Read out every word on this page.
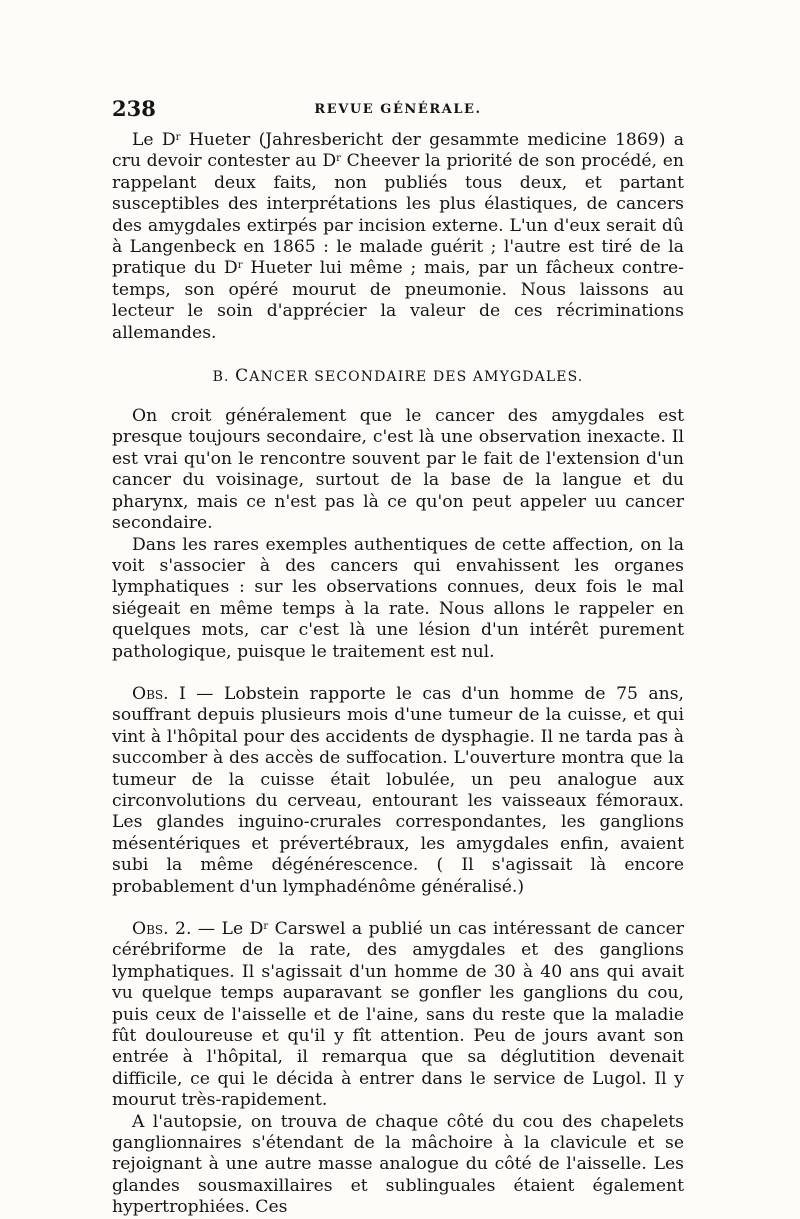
238	REVUE GÉNÉRALE.

Le $D^r$ Hueter (Jahresbericht der gesammte medicine 1869) a cru devoir contester au $D^r$ Cheever la priorité de son procédé, en rappelant deux faits, non publiés tous deux, et partant susceptibles des interprétations les plus élastiques, de cancers des amygdales extirpés par incision externe. L'un d'eux serait dû à Langenbeck en 1865 : le malade guérit ; l'autre est tiré de la pratique du $D^r$ Hueter lui même ; mais, par un fâcheux contre-temps, son opéré mourut de pneumonie. Nous laissons au lecteur le soin d'apprécier la valeur de ces récriminations allemandes.

B. CANCER SECONDAIRE DES AMYGDALES.

On croit généralement que le cancer des amygdales est presque toujours secondaire, c'est là une observation inexacte. Il est vrai qu'on le rencontre souvent par le fait de l'extension d'un cancer du voisinage, surtout de la base de la langue et du pharynx, mais ce n'est pas là ce qu'on peut appeler uu cancer secondaire.

Dans les rares exemples authentiques de cette affection, on la voit s'associer à des cancers qui envahissent les organes lymphatiques : sur les observations connues, deux fois le mal siégeait en même temps à la rate. Nous allons le rappeler en quelques mots, car c'est là une lésion d'un intérêt purement pathologique, puisque le traitement est nul.

Obs. I — Lobstein rapporte le cas d'un homme de 75 ans, souffrant depuis plusieurs mois d'une tumeur de la cuisse, et qui vint à l'hôpital pour des accidents de dysphagie. Il ne tarda pas à succomber à des accès de suffocation. L'ouverture montra que la tumeur de la cuisse était lobulée, un peu analogue aux circonvolutions du cerveau, entourant les vaisseaux fémoraux. Les glandes inguino-crurales correspondantes, les ganglions mésentériques et prévertébraux, les amygdales enfin, avaient subi la même dégénérescence. ( Il s'agissait là encore probablement d'un lymphadénôme généralisé.)

Obs. 2. — Le $D^r$ Carswel a publié un cas intéressant de cancer cérébriforme de la rate, des amygdales et des ganglions lymphatiques. Il s'agissait d'un homme de 30 à 40 ans qui avait vu quelque temps auparavant se gonfler les ganglions du cou, puis ceux de l'aisselle et de l'aine, sans du reste que la maladie fût douloureuse et qu'il y fît attention. Peu de jours avant son entrée à l'hôpital, il remarqua que sa déglutition devenait difficile, ce qui le décida à entrer dans le service de Lugol. Il y mourut très-rapidement.

A l'autopsie, on trouva de chaque côté du cou des chapelets ganglionnaires s'étendant de la mâchoire à la clavicule et se rejoignant à une autre masse analogue du côté de l'aisselle. Les glandes sousmaxillaires et sublinguales étaient également hypertrophiées. Ces
